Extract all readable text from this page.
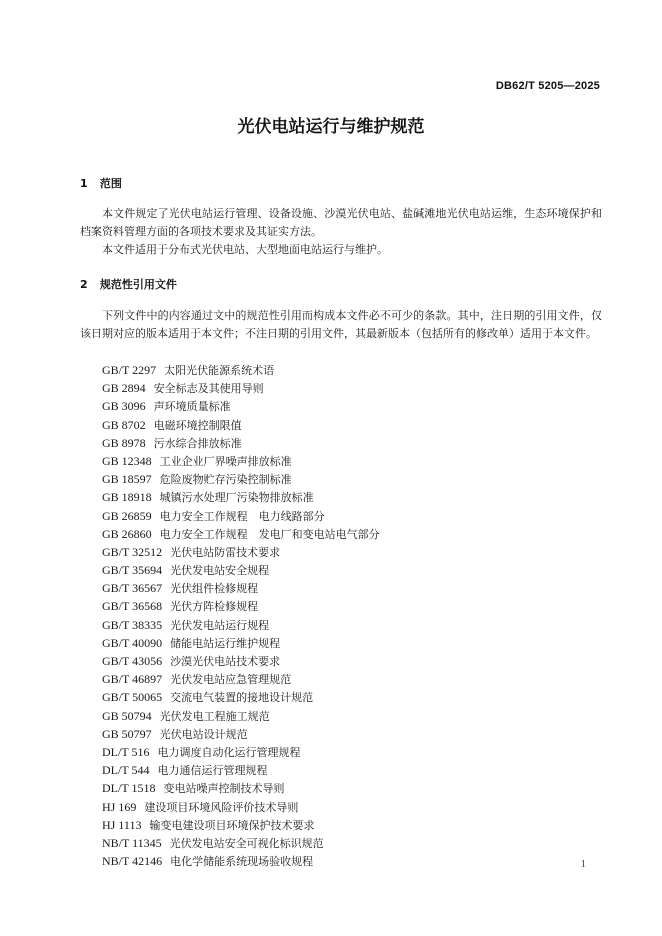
DB62/T 5205—2025
光伏电站运行与维护规范
1 范围
本文件规定了光伏电站运行管理、设备设施、沙漠光伏电站、盐碱滩地光伏电站运维，生态环境保护和档案资料管理方面的各项技术要求及其证实方法。
本文件适用于分布式光伏电站、大型地面电站运行与维护。
2 规范性引用文件
下列文件中的内容通过文中的规范性引用而构成本文件必不可少的条款。其中，注日期的引用文件，仅该日期对应的版本适用于本文件；不注日期的引用文件，其最新版本（包括所有的修改单）适用于本文件。
GB/T 2297 太阳光伏能源系统术语
GB 2894 安全标志及其使用导则
GB 3096 声环境质量标准
GB 8702 电磁环境控制限值
GB 8978 污水综合排放标准
GB 12348 工业企业厂界噪声排放标准
GB 18597 危险废物贮存污染控制标准
GB 18918 城镇污水处理厂污染物排放标准
GB 26859 电力安全工作规程　电力线路部分
GB 26860 电力安全工作规程　发电厂和变电站电气部分
GB/T 32512 光伏电站防雷技术要求
GB/T 35694 光伏发电站安全规程
GB/T 36567 光伏组件检修规程
GB/T 36568 光伏方阵检修规程
GB/T 38335 光伏发电站运行规程
GB/T 40090 储能电站运行维护规程
GB/T 43056 沙漠光伏电站技术要求
GB/T 46897 光伏发电站应急管理规范
GB/T 50065 交流电气装置的接地设计规范
GB 50794 光伏发电工程施工规范
GB 50797 光伏电站设计规范
DL/T 516 电力调度自动化运行管理规程
DL/T 544 电力通信运行管理规程
DL/T 1518 变电站噪声控制技术导则
HJ 169 建设项目环境风险评价技术导则
HJ 1113 输变电建设项目环境保护技术要求
NB/T 11345 光伏发电站安全可视化标识规范
NB/T 42146 电化学储能系统现场验收规程	1
